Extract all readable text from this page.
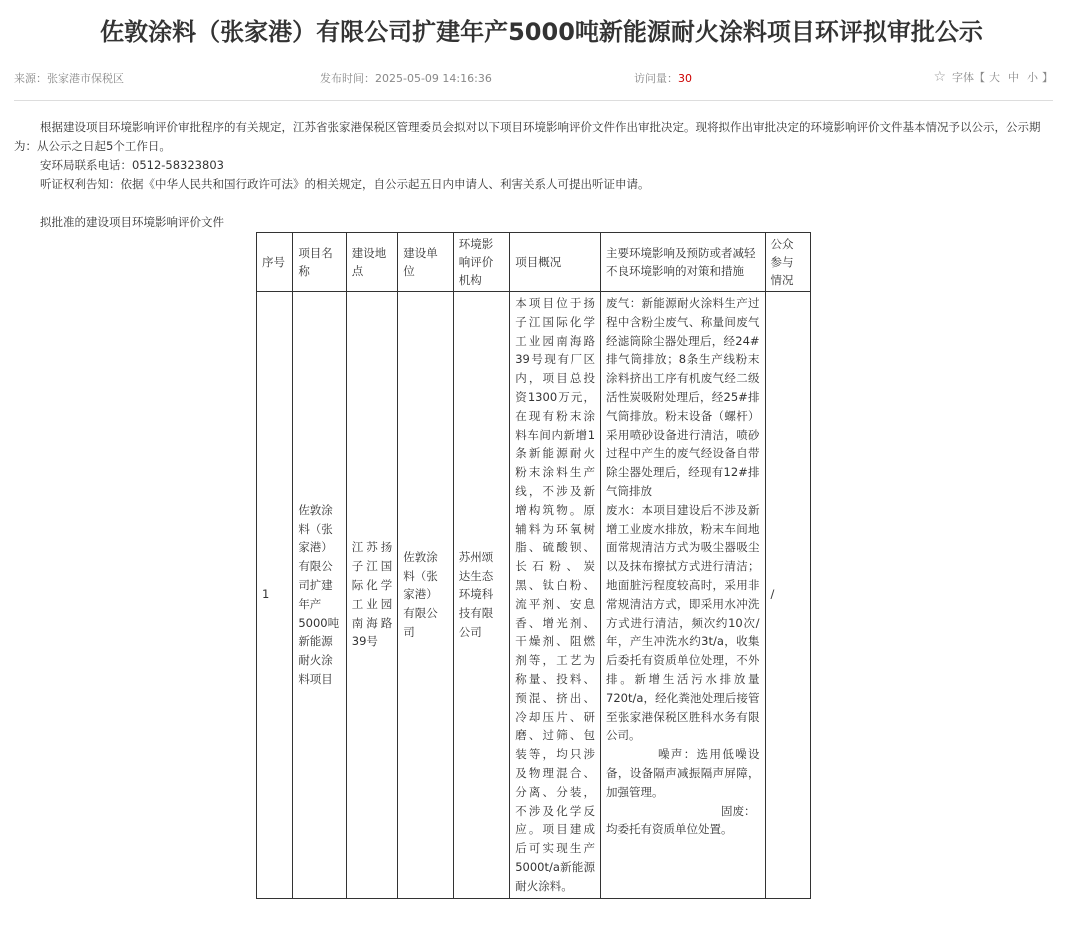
佐敦涂料（张家港）有限公司扩建年产5000吨新能源耐火涂料项目环评拟审批公示
来源：张家港市保税区	发布时间：2025-05-09 14:16:36	访问量：30	☆ 字体【 大 中 小 】

根据建设项目环境影响评价审批程序的有关规定，江苏省张家港保税区管理委员会拟对以下项目环境影响评价文件作出审批决定。现将拟作出审批决定的环境影响评价文件基本情况予以公示，公示期为：从公示之日起5个工作日。

安环局联系电话：0512-58323803

听证权利告知：依据《中华人民共和国行政许可法》的相关规定，自公示起五日内申请人、利害关系人可提出听证申请。

拟批准的建设项目环境影响评价文件
序号	项目名称	建设地点	建设单位	环境影响评价机构	项目概况	主要环境影响及预防或者减轻不良环境影响的对策和措施	公众参与情况
1	佐敦涂料（张家港）有限公司扩建年产5000吨新能源耐火涂料项目	江苏扬子江国际化学工业园南海路39号	佐敦涂料（张家港）有限公司	苏州颂达生态环境科技有限公司	本项目位于扬子江国际化学工业园南海路39号现有厂区内，项目总投资1300万元，在现有粉末涂料车间内新增1条新能源耐火粉末涂料生产线，不涉及新增构筑物。原辅料为环氧树脂、硫酸钡、长石粉、炭黑、钛白粉、流平剂、安息香、增光剂、干燥剂、阻燃剂等，工艺为称量、投料、预混、挤出、冷却压片、研磨、过筛、包装等，均只涉及物理混合、分离、分装，不涉及化学反应。项目建成后可实现生产5000t/a新能源耐火涂料。	废气：新能源耐火涂料生产过程中含粉尘废气、称量间废气经滤筒除尘器处理后，经24#排气筒排放；8条生产线粉末涂料挤出工序有机废气经二级活性炭吸附处理后，经25#排气筒排放。粉末设备（螺杆）采用喷砂设备进行清洁，喷砂过程中产生的废气经设备自带除尘器处理后，经现有12#排气筒排放
废水：本项目建设后不涉及新增工业废水排放，粉末车间地面常规清洁方式为吸尘器吸尘以及抹布擦拭方式进行清洁；地面脏污程度较高时，采用非常规清洁方式，即采用水冲洗方式进行清洁，频次约10次/年，产生冲洗水约3t/a，收集后委托有资质单位处理，不外排。新增生活污水排放量720t/a，经化粪池处理后接管至张家港保税区胜科水务有限公司。
噪声：选用低噪设备，设备隔声减振隔声屏障，加强管理。
固废：
均委托有资质单位处置。	/
